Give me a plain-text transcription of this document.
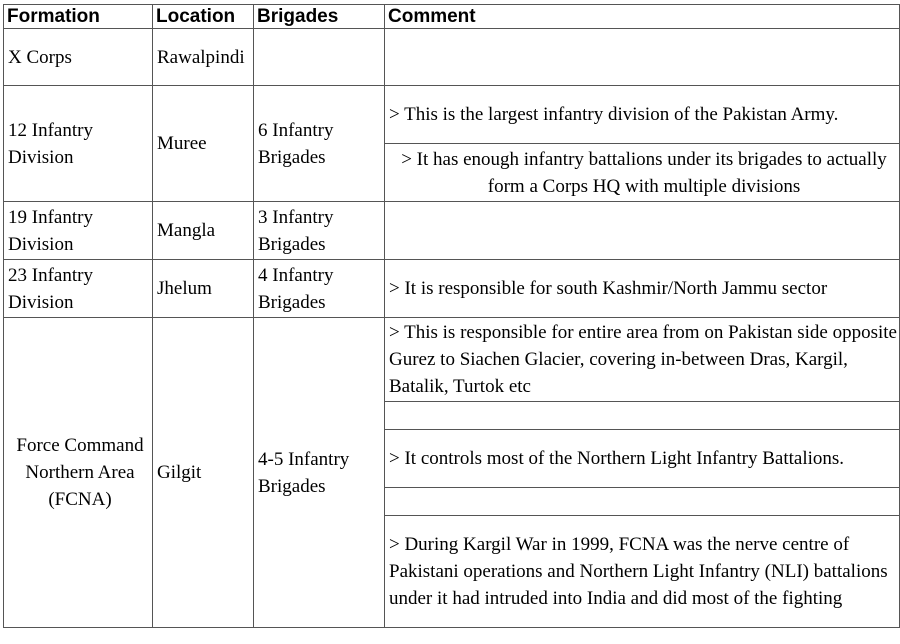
Formation	Location	Brigades	Comment
X Corps	Rawalpindi		
12 Infantry Division	Muree	6 Infantry Brigades	> This is the largest infantry division of the Pakistan Army.
			> It has enough infantry battalions under its brigades to actually form a Corps HQ with multiple divisions
19 Infantry Division	Mangla	3 Infantry Brigades	
23 Infantry Division	Jhelum	4 Infantry Brigades	> It is responsible for south Kashmir/North Jammu sector
Force Command Northern Area (FCNA)	Gilgit	4-5 Infantry Brigades	> This is responsible for entire area from on Pakistan side opposite Gurez to Siachen Glacier, covering in-between Dras, Kargil, Batalik, Turtok etc

			> It controls most of the Northern Light Infantry Battalions.

			> During Kargil War in 1999, FCNA was the nerve centre of Pakistani operations and Northern Light Infantry (NLI) battalions under it had intruded into India and did most of the fighting
